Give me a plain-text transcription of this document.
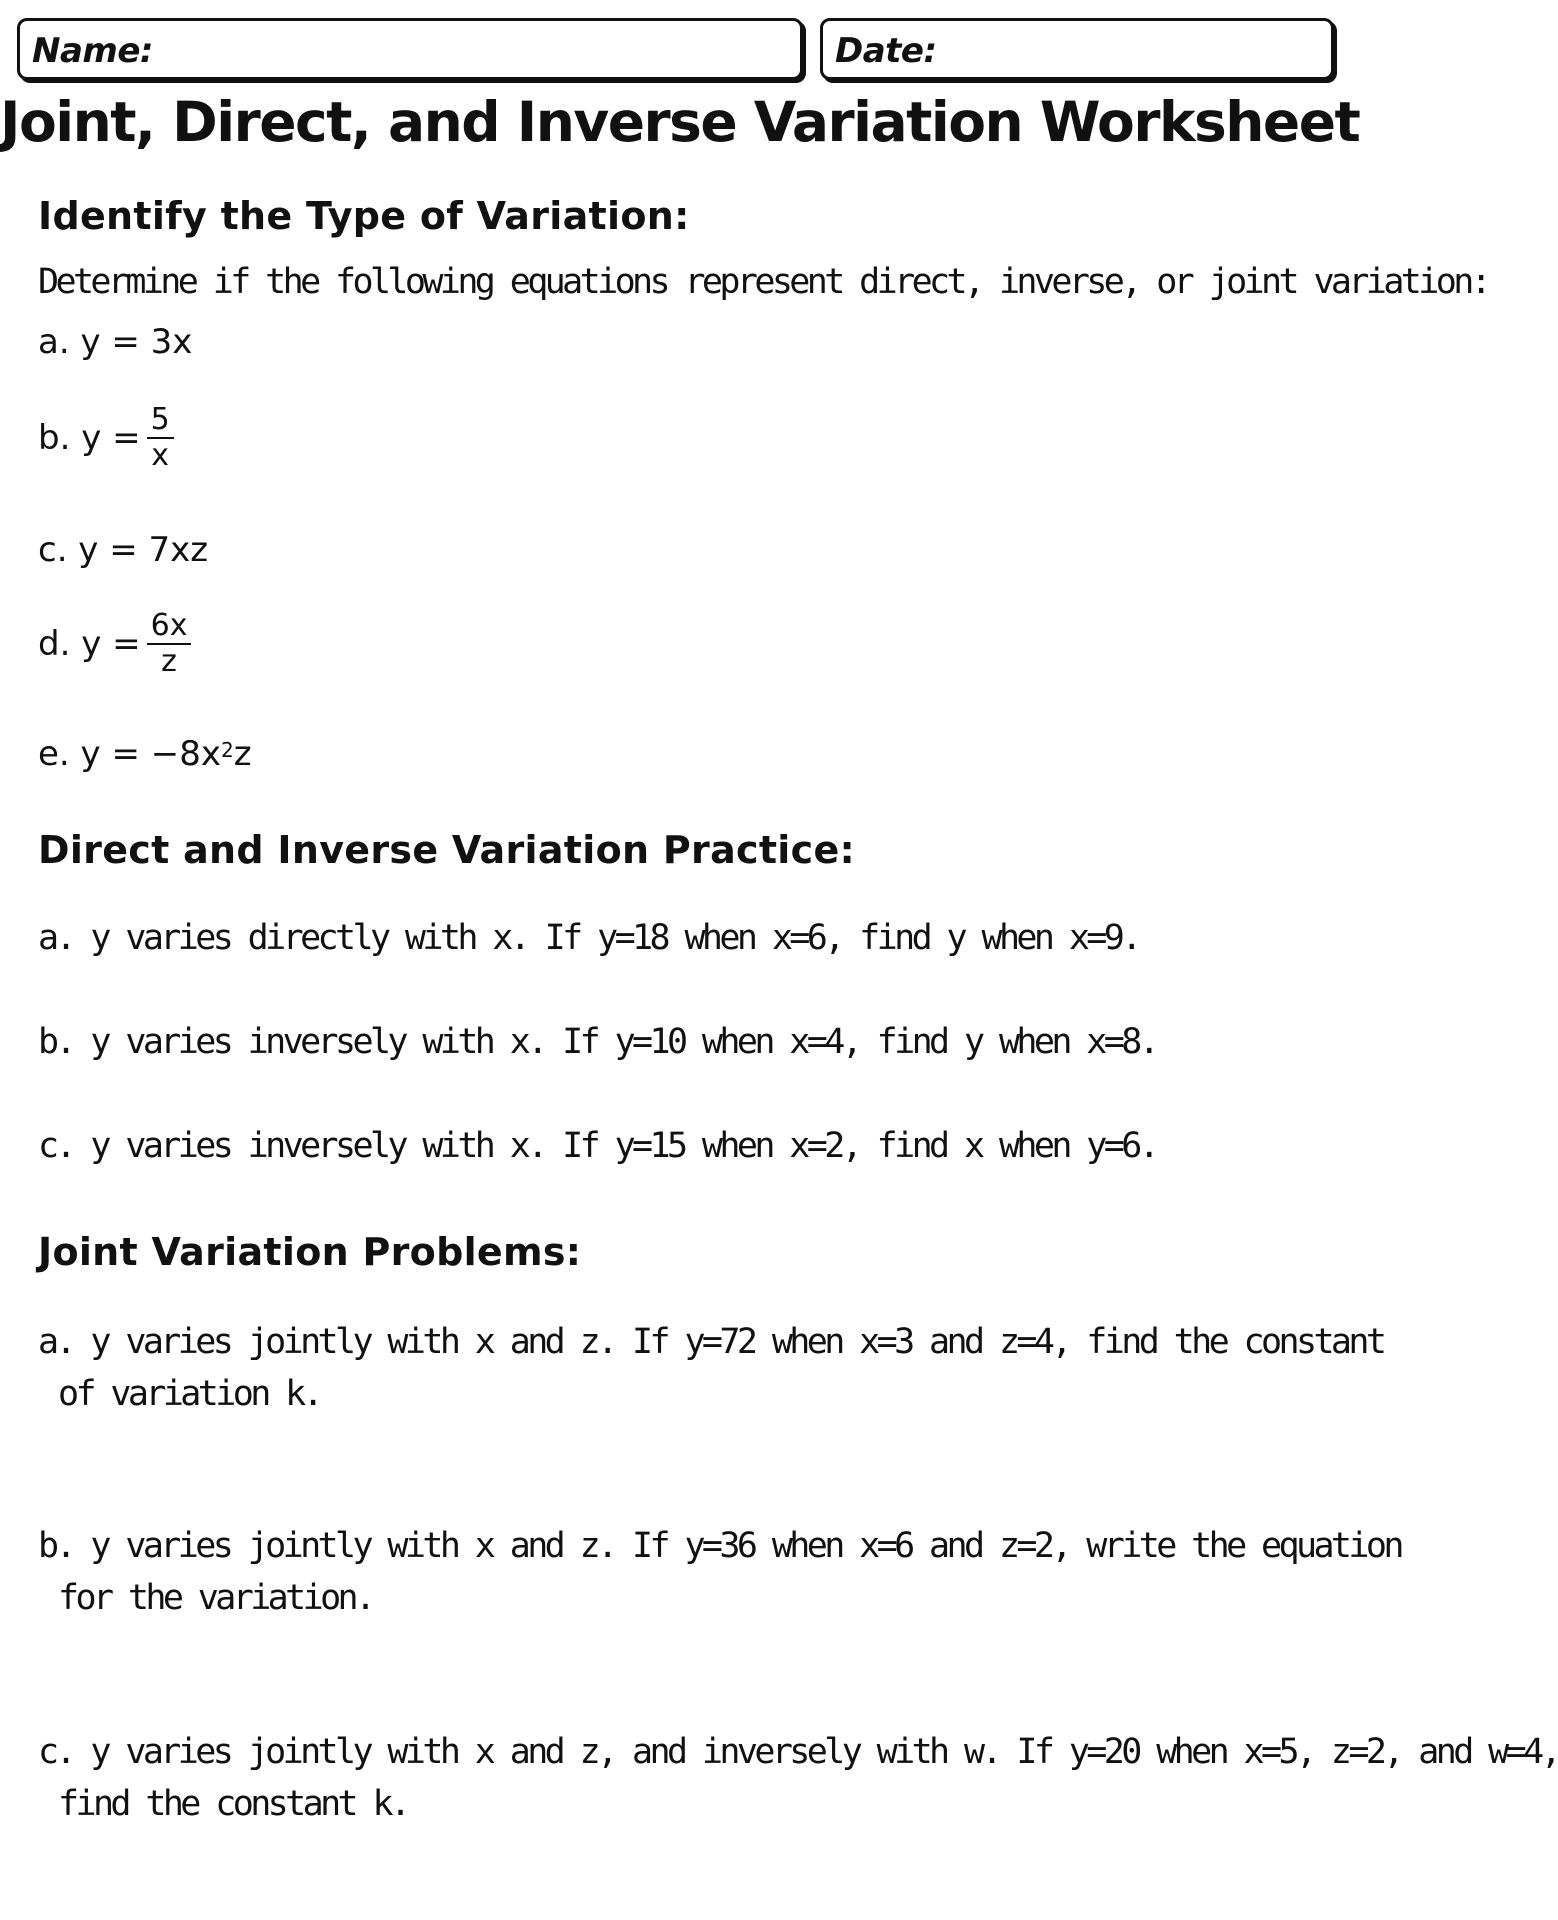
Name:	Date:
Joint, Direct, and Inverse Variation Worksheet
Identify the Type of Variation:
Determine if the following equations represent direct, inverse, or joint variation:
a. y = 3x
b. $y = \frac{5}{x}$
c. y = 7xz
d. $y = \frac{6x}{z}$
e. $y = -8x^2$ z
Direct and Inverse Variation Practice:
a. y varies directly with x. If y=18 when x=6, find y when x=9.
b. y varies inversely with x. If y=10 when x=4, find y when x=8.
c. y varies inversely with x. If y=15 when x=2, find x when y=6.
Joint Variation Problems:
a. y varies jointly with x and z. If y=72 when x=3 and z=4, find the constant
of variation k.
b. y varies jointly with x and z. If y=36 when x=6 and z=2, write the equation
for the variation.
c. y varies jointly with x and z, and inversely with w. If y=20 when x=5, z=2, and w=4,
find the constant k.
